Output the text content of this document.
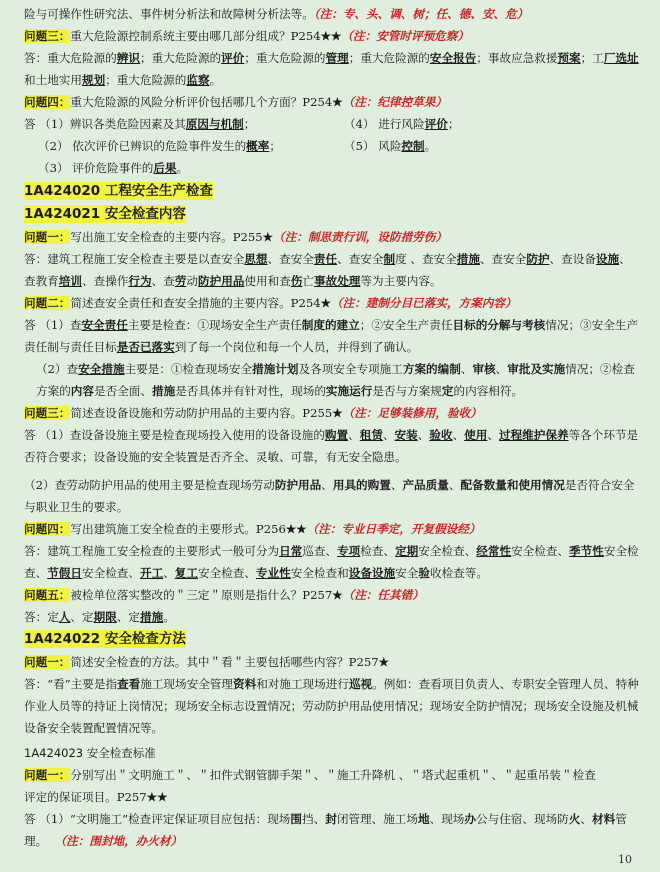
险与可操作性研究法、事件树分析法和故障树分析法等。（注：专、头、调、树；任、德、安、危）

问题三：重大危险源控制系统主要由哪几部分组成？P254★★（注：安管时评预危察）

答：重大危险源的辨识；重大危险源的评价；重大危险源的管理；重大危险源的安全报告；事故应急救援预案；工厂选址和土地实用规划；重大危险源的监察。

问题四：重大危险源的风险分析评价包括哪几个方面？P254★（注：纪律控草果）

答 （1）辨识各类危险因素及其原因与机制；	（4） 进行风险评价；
（2） 依次评价已辨识的危险事件发生的概率；	（5） 风险控制。

（3） 评价危险事件的后果。

1A424020 工程安全生产检查

1A424021 安全检查内容

问题一：写出施工安全检查的主要内容。P255★（注：制思责行训，设防措劳伤）

答：建筑工程施工安全检查主要是以查安全思想、查安全责任、查安全制度 、查安全措施、查安全防护、查设备设施、查教育培训、查操作行为、查劳动防护用品使用和查伤亡事故处理等为主要内容。

问题二：简述查安全责任和查安全措施的主要内容。P254★（注：建制分目已落实，方案内容）

答 （1）查安全责任主要是检查：①现场安全生产责任制度的建立；②安全生产责任目标的分解与考核情况；③安全生产责任制与责任目标是否已落实到了每一个岗位和每一个人员，并得到了确认。

（2）查安全措施主要是：①检查现场安全措施计划及各项安全专项施工方案的编制、审核、审批及实施情况；②检查方案的内容是否全面、措施是否具体并有针对性，现场的实施运行是否与方案规定的内容相符。

问题三：简述查设备设施和劳动防护用品的主要内容。P255★（注：足够装修用，验收）

答 （1）查设备设施主要是检查现场投入使用的设备设施的购置、租赁、安装、验收、使用、过程维护保养等各个环节是否符合要求；设备设施的安全装置是否齐全、灵敏、可靠，有无安全隐患。

（2）查劳动防护用品的使用主要是检查现场劳动防护用品、用具的购置、产品质量、配备数量和使用情况是否符合安全与职业卫生的要求。

问题四：写出建筑施工安全检查的主要形式。P256★★（注：专业日季定，开复假设经）

答：建筑工程施工安全检查的主要形式一般可分为日常巡查、专项检查、定期安全检查、经常性安全检查、季节性安全检查、节假日安全检查、开工、复工安全检查、专业性安全检查和设备设施安全验收检查等。

问题五：被检单位落实整改的＂三定＂原则是指什么？P257★（注：任其错）

答：定人、定期限、定措施。

1A424022 安全检查方法

问题一：简述安全检查的方法。其中＂看＂主要包括哪些内容？P257★

答：“看”主要是指查看施工现场安全管理资料和对施工现场进行巡视。例如：查看项目负责人、专职安全管理人员、特种作业人员等的持证上岗情况；现场安全标志设置情况；劳动防护用品使用情况；现场安全防护情况；现场安全设施及机械设备安全装置配置情况等。

1A424023 安全检查标准

问题一：分别写出＂文明施工＂、＂扣件式钢管脚手架＂、＂施工升降机 、＂塔式起重机＂、＂起重吊装＂检查

评定的保证项目。P257★★

答 （1）“文明施工”检查评定保证项目应包括：现场围挡、封闭管理、施工场地、现场办公与住宿、现场防火、材料管理。 （注：围封地，办火材）

10
